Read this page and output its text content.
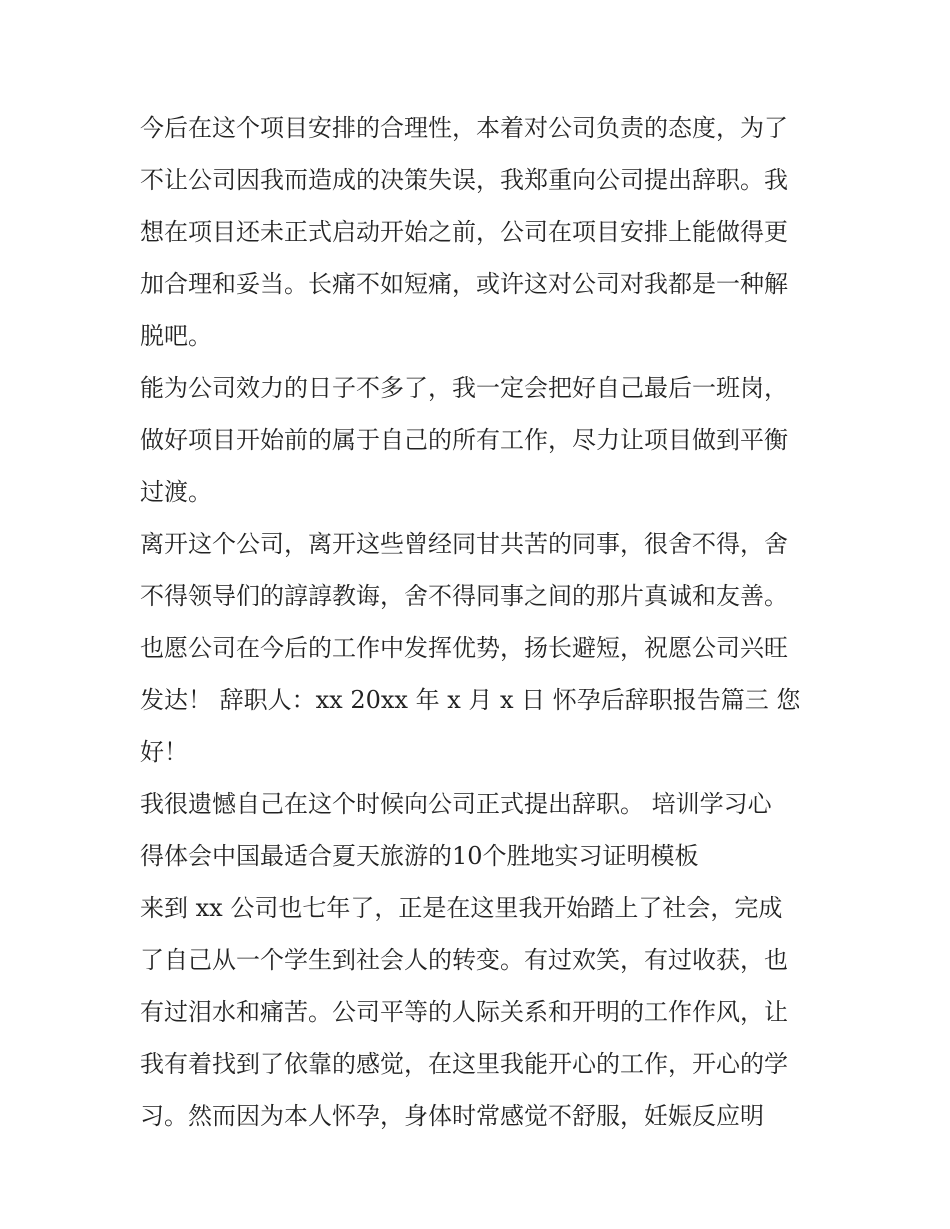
今后在这个项目安排的合理性，本着对公司负责的态度，为了
不让公司因我而造成的决策失误，我郑重向公司提出辞职。我
想在项目还未正式启动开始之前，公司在项目安排上能做得更
加合理和妥当。长痛不如短痛，或许这对公司对我都是一种解
脱吧。
能为公司效力的日子不多了，我一定会把好自己最后一班岗，
做好项目开始前的属于自己的所有工作，尽力让项目做到平衡
过渡。
离开这个公司，离开这些曾经同甘共苦的同事，很舍不得，舍
不得领导们的諄諄教诲，舍不得同事之间的那片真诚和友善。
也愿公司在今后的工作中发挥优势，扬长避短，祝愿公司兴旺
发达！ 辞职人：xx 20xx 年 x 月 x 日 怀孕后辞职报告篇三 您
好！
我很遗憾自己在这个时候向公司正式提出辞职。 培训学习心
得体会中国最适合夏天旅游的10个胜地实习证明模板
来到 xx 公司也七年了，正是在这里我开始踏上了社会，完成
了自己从一个学生到社会人的转变。有过欢笑，有过收获，也
有过泪水和痛苦。公司平等的人际关系和开明的工作作风，让
我有着找到了依靠的感觉，在这里我能开心的工作，开心的学
习。然而因为本人怀孕，身体时常感觉不舒服，妊娠反应明
